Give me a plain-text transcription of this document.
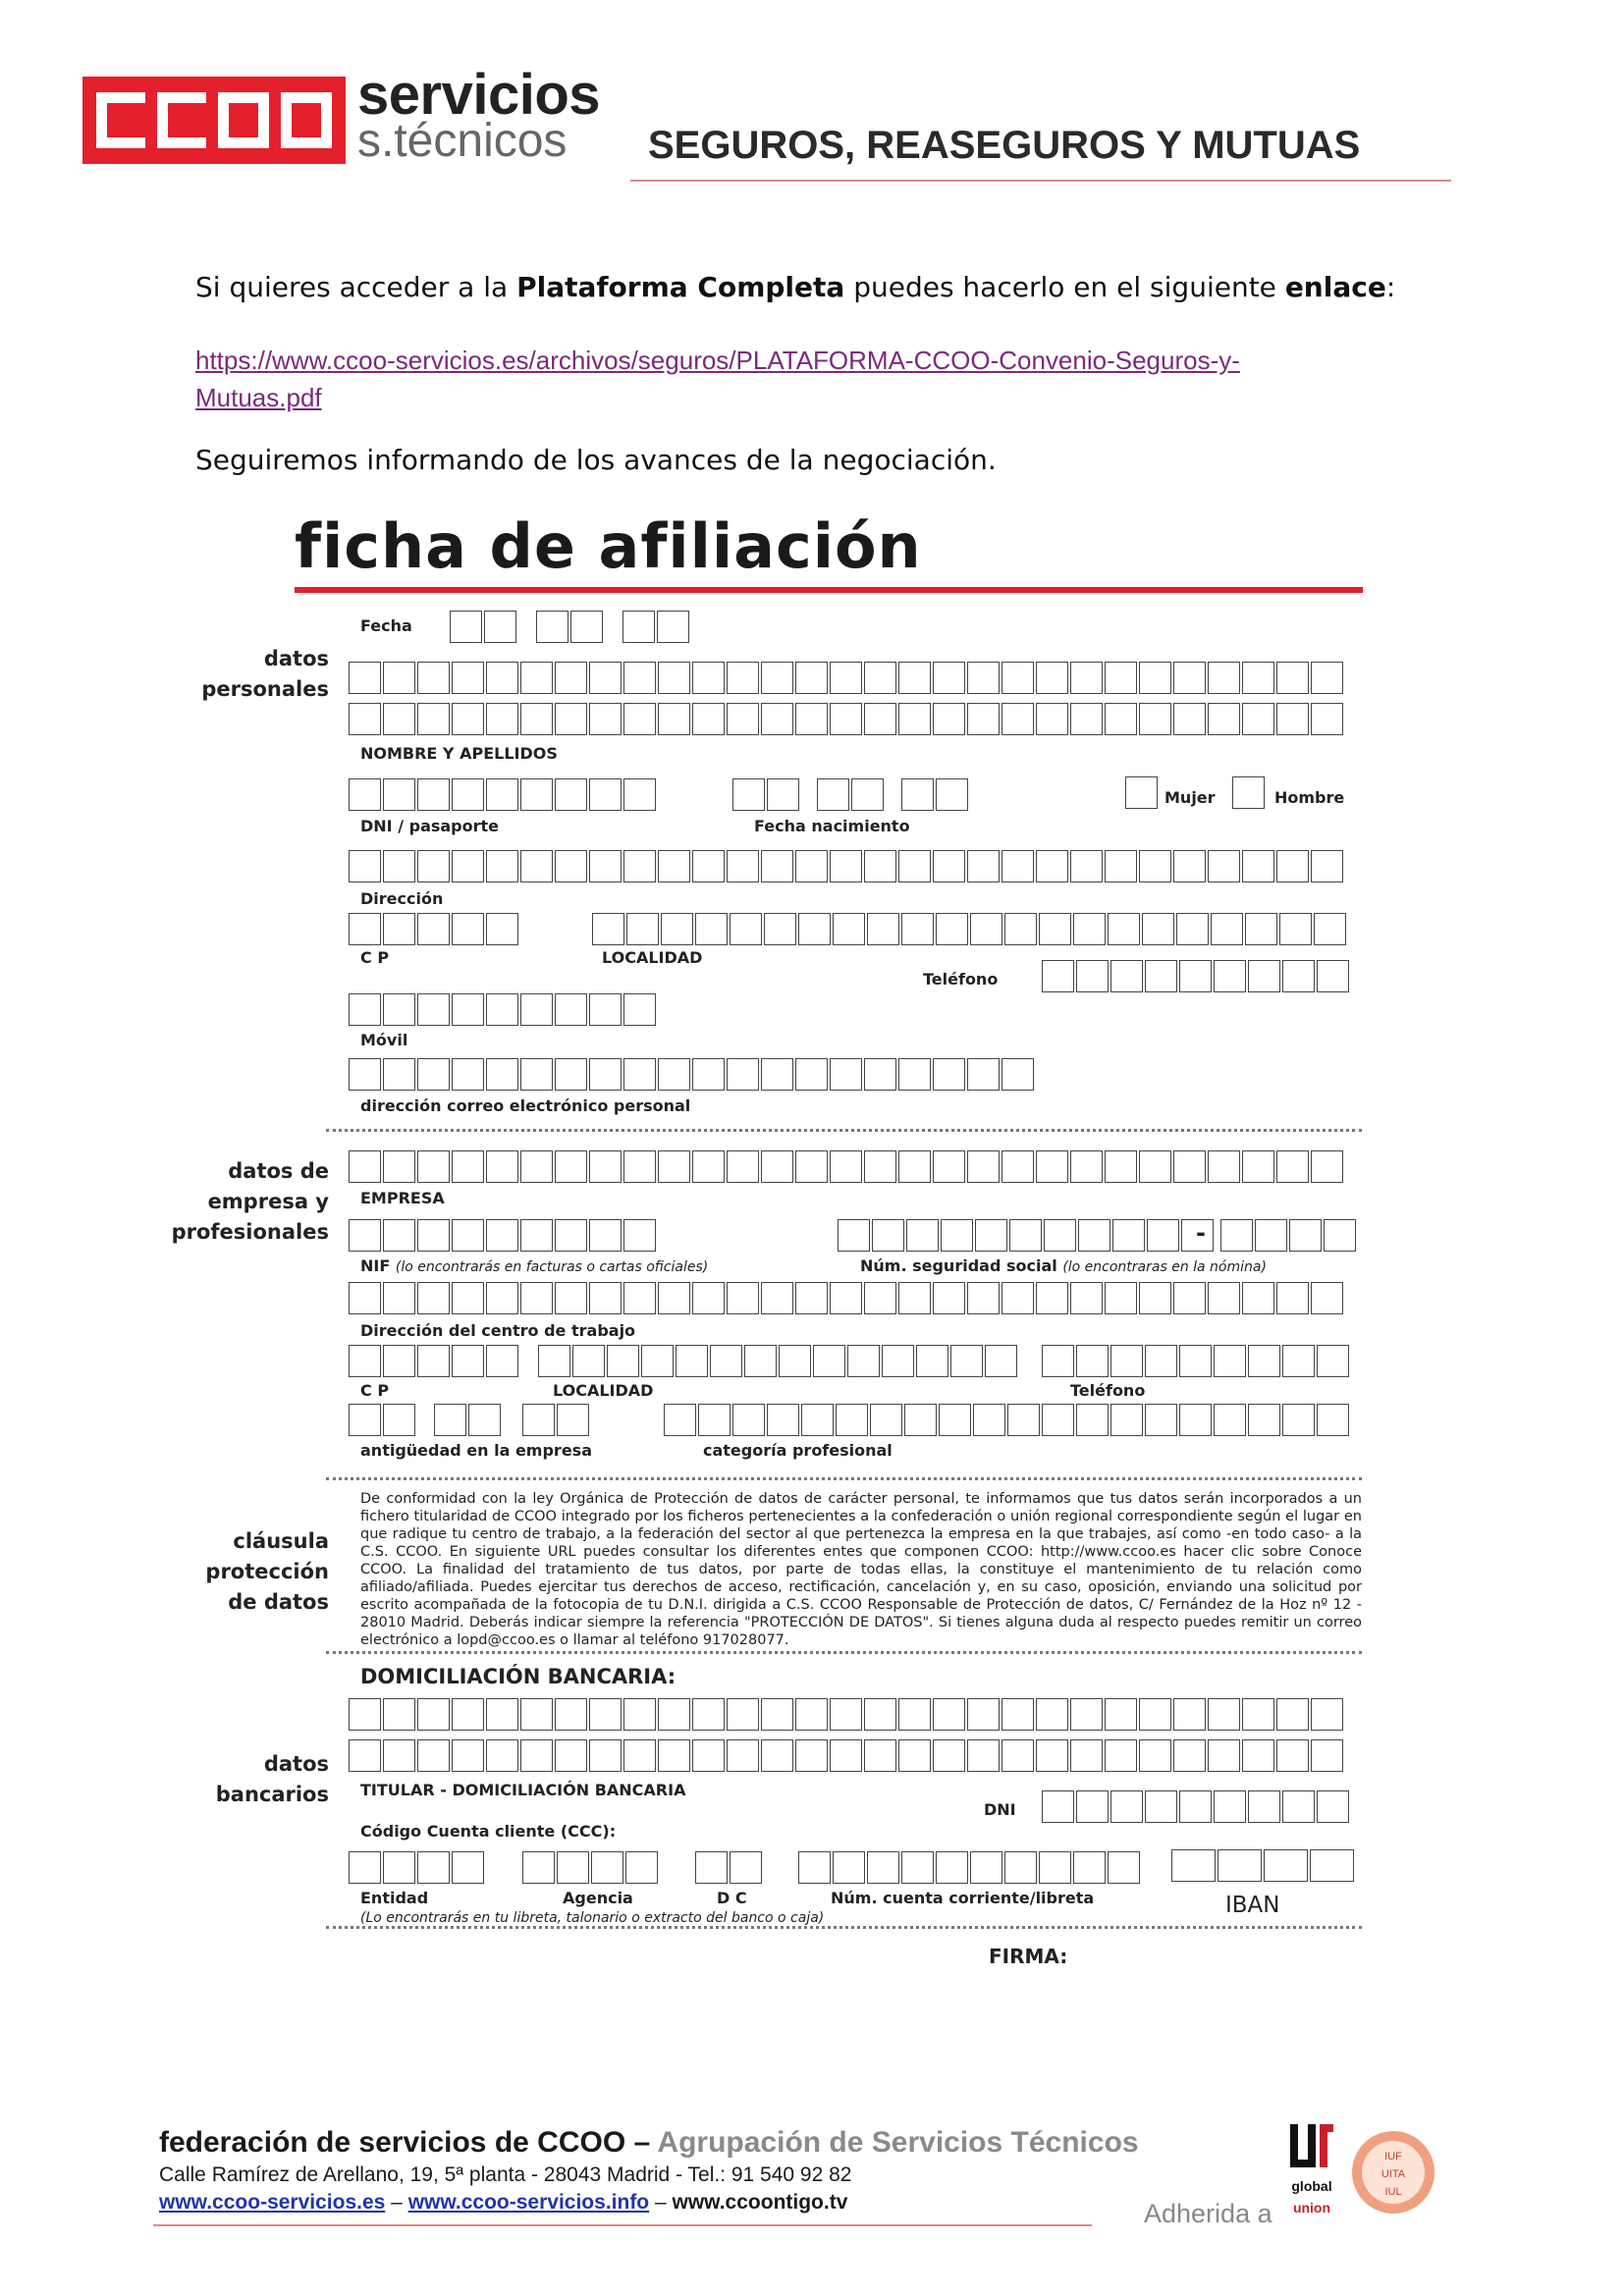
servicios
s.técnicos SEGUROS, REASEGUROS Y MUTUAS
Si quieres acceder a la Plataforma Completa puedes hacerlo en el siguiente enlace:
https://www.ccoo-servicios.es/archivos/seguros/PLATAFORMA-CCOO-Convenio-Seguros-y-Mutuas.pdf
Seguiremos informando de los avances de la negociación.
ficha de afiliación
datos
personales
datos de
empresa y
profesionales
cláusula
protección
de datos
datos
bancarios
Fecha
NOMBRE Y APELLIDOS
Mujer	Hombre
DNI / pasaporte	Fecha nacimiento
Dirección
C P	LOCALIDAD
Teléfono
Móvil
dirección correo electrónico personal
EMPRESA
-
NIF (lo encontrarás en facturas o cartas oficiales)	Núm. seguridad social (lo encontraras en la nómina)
Dirección del centro de trabajo
C P	LOCALIDAD	Teléfono
antigüedad en la empresa	categoría profesional
De conformidad con la ley Orgánica de Protección de datos de carácter personal, te informamos que tus datos serán incorporados a un fichero titularidad de CCOO integrado por los ficheros pertenecientes a la confederación o unión regional correspondiente según el lugar en que radique tu centro de trabajo, a la federación del sector al que pertenezca la empresa en la que trabajes, así como -en todo caso- a la C.S. CCOO. En siguiente URL puedes consultar los diferentes entes que componen CCOO: http://www.ccoo.es hacer clic sobre Conoce CCOO. La finalidad del tratamiento de tus datos, por parte de todas ellas, la constituye el mantenimiento de tu relación como afiliado/afiliada. Puedes ejercitar tus derechos de acceso, rectificación, cancelación y, en su caso, oposición, enviando una solicitud por escrito acompañada de la fotocopia de tu D.N.I. dirigida a C.S. CCOO Responsable de Protección de datos, C/ Fernández de la Hoz nº 12 - 28010 Madrid. Deberás indicar siempre la referencia "PROTECCIÓN DE DATOS". Si tienes alguna duda al respecto puedes remitir un correo electrónico a lopd@ccoo.es o llamar al teléfono 917028077.
DOMICILIACIÓN BANCARIA:
TITULAR - DOMICILIACIÓN BANCARIA
DNI
Código Cuenta cliente (CCC):
Entidad	Agencia	D C	Núm. cuenta corriente/libreta	IBAN
(Lo encontrarás en tu libreta, talonario o extracto del banco o caja)
FIRMA:
federación de servicios de CCOO – Agrupación de Servicios Técnicos
Calle Ramírez de Arellano, 19, 5ª planta - 28043 Madrid - Tel.: 91 540 92 82
www.ccoo-servicios.es – www.ccoo-servicios.info – www.ccoontigo.tv	Adherida a
global
union
IUF
UITA
IUL
